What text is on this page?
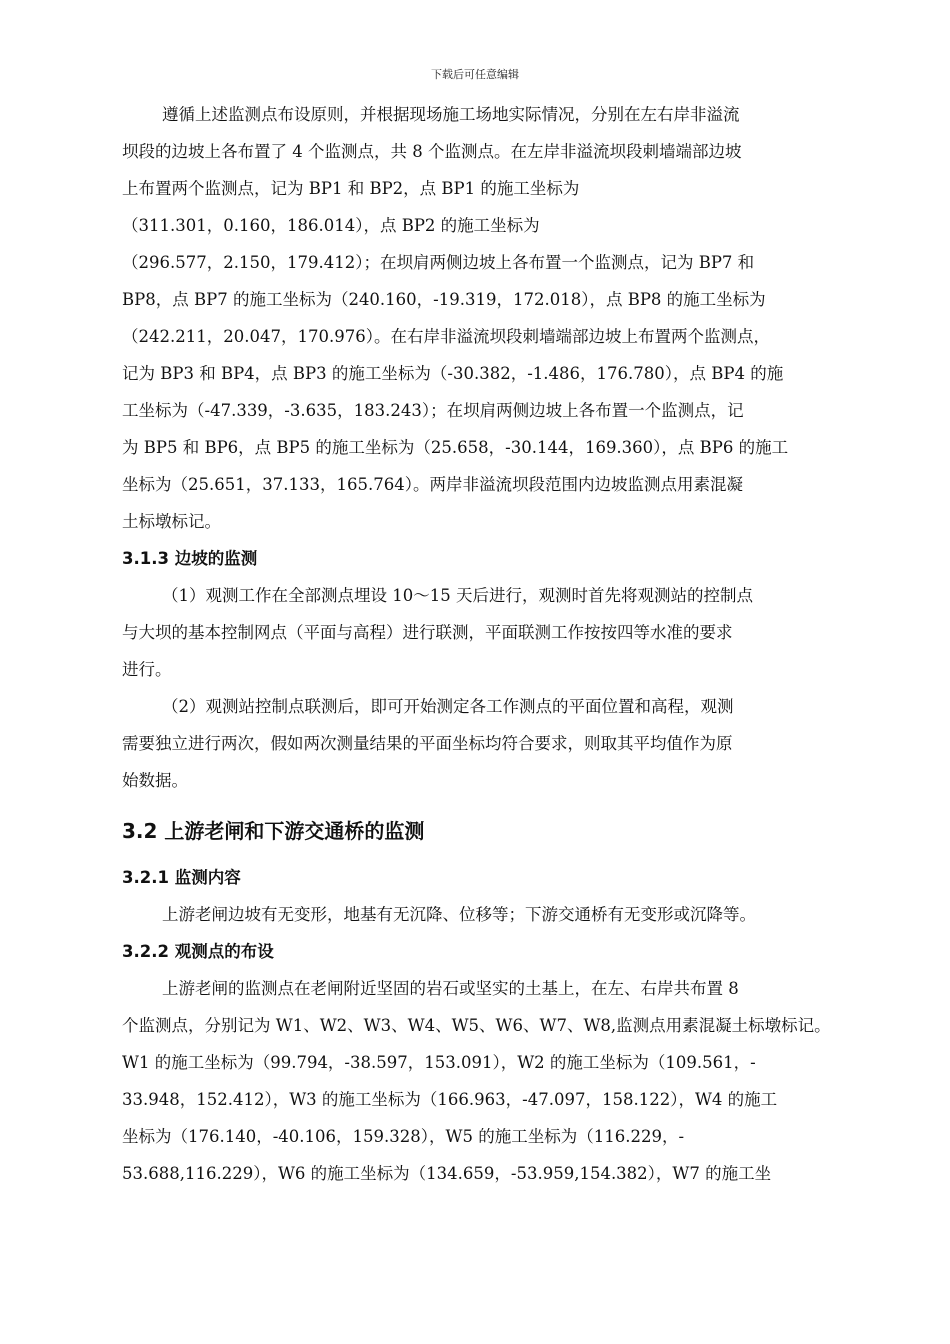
下载后可任意编辑
遵循上述监测点布设原则，并根据现场施工场地实际情况，分别在左右岸非溢流
坝段的边坡上各布置了 4 个监测点，共 8 个监测点。在左岸非溢流坝段刺墙端部边坡
上布置两个监测点，记为 BP1 和 BP2，点 BP1 的施工坐标为
（311.301，0.160，186.014），点 BP2 的施工坐标为
（296.577，2.150，179.412）；在坝肩两侧边坡上各布置一个监测点，记为 BP7 和
BP8，点 BP7 的施工坐标为（240.160，-19.319，172.018），点 BP8 的施工坐标为
（242.211，20.047，170.976）。在右岸非溢流坝段刺墙端部边坡上布置两个监测点，
记为 BP3 和 BP4，点 BP3 的施工坐标为（-30.382，-1.486，176.780），点 BP4 的施
工坐标为（-47.339，-3.635，183.243）；在坝肩两侧边坡上各布置一个监测点，记
为 BP5 和 BP6，点 BP5 的施工坐标为（25.658，-30.144，169.360），点 BP6 的施工
坐标为（25.651，37.133，165.764）。两岸非溢流坝段范围内边坡监测点用素混凝
土标墩标记。
3.1.3 边坡的监测
（1）观测工作在全部测点埋设 10～15 天后进行，观测时首先将观测站的控制点
与大坝的基本控制网点（平面与高程）进行联测，平面联测工作按按四等水准的要求
进行。
（2）观测站控制点联测后，即可开始测定各工作测点的平面位置和高程，观测
需要独立进行两次，假如两次测量结果的平面坐标均符合要求，则取其平均值作为原
始数据。
3.2 上游老闸和下游交通桥的监测
3.2.1 监测内容
上游老闸边坡有无变形，地基有无沉降、位移等；下游交通桥有无变形或沉降等。
3.2.2 观测点的布设
上游老闸的监测点在老闸附近坚固的岩石或坚实的土基上，在左、右岸共布置 8
个监测点，分别记为 W1、W2、W3、W4、W5、W6、W7、W8,监测点用素混凝土标墩标记。
W1 的施工坐标为（99.794，-38.597，153.091），W2 的施工坐标为（109.561，-
33.948，152.412），W3 的施工坐标为（166.963，-47.097，158.122），W4 的施工
坐标为（176.140，-40.106，159.328），W5 的施工坐标为（116.229，-
53.688,116.229），W6 的施工坐标为（134.659，-53.959,154.382），W7 的施工坐
